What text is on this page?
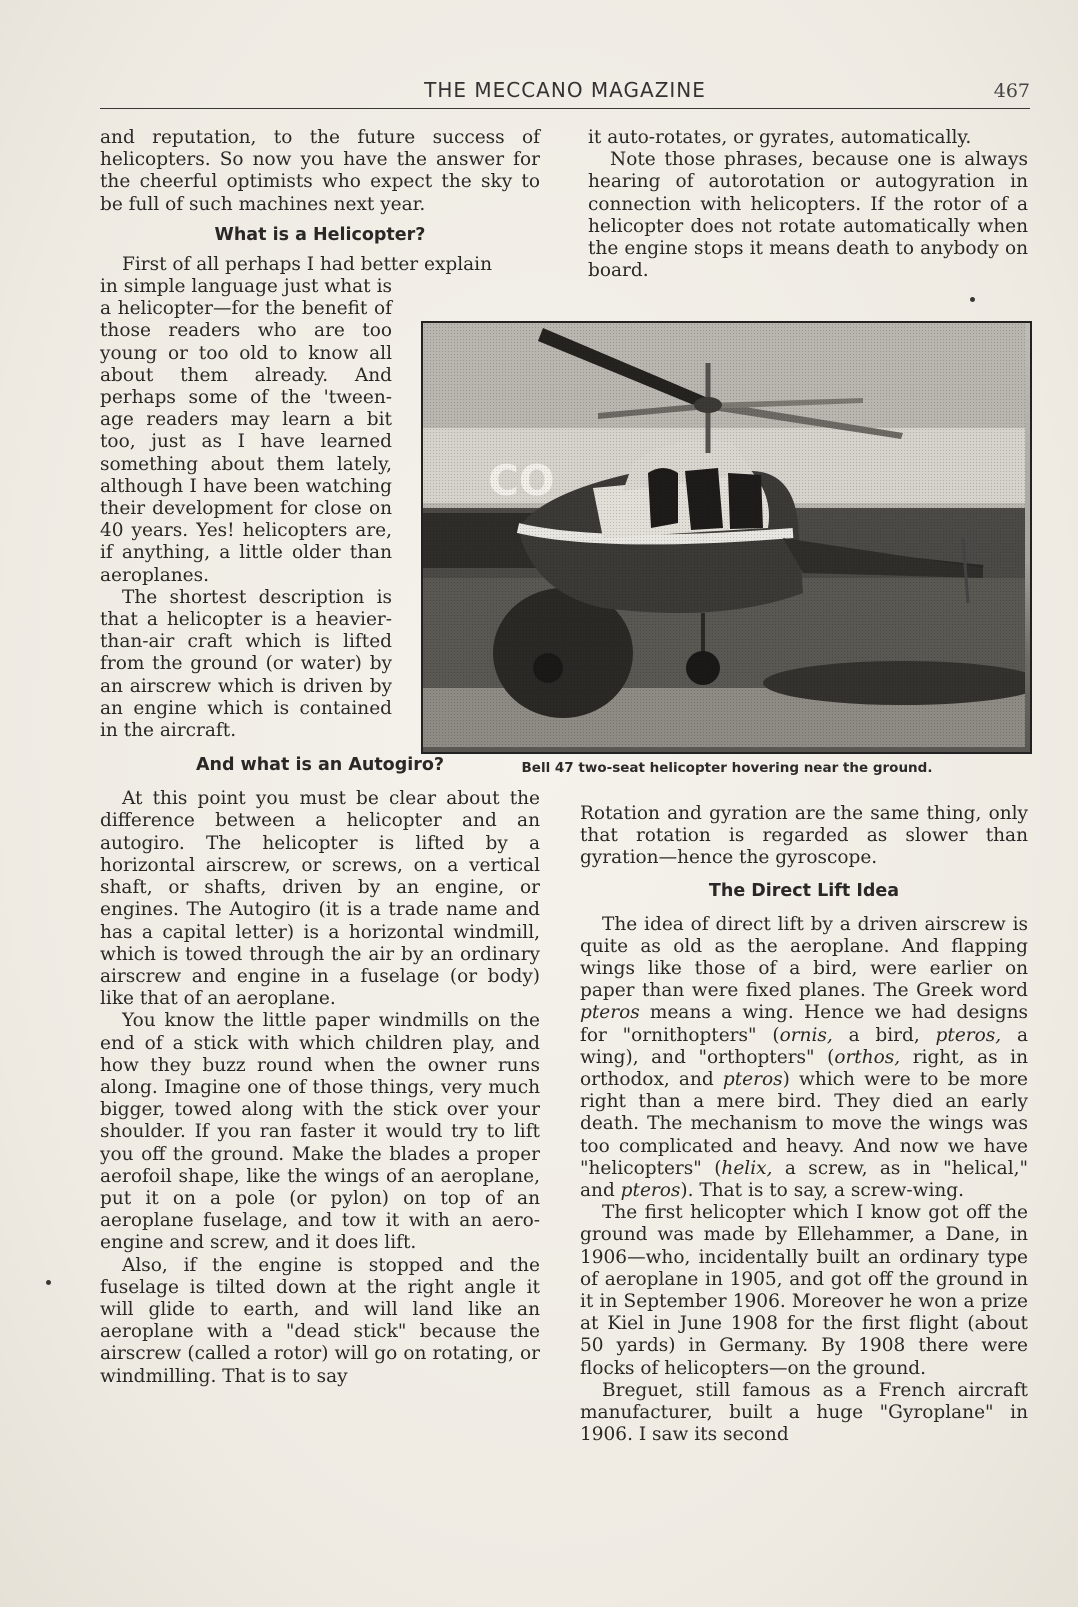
THE MECCANO MAGAZINE	467

and reputation, to the future success of helicopters. So now you have the answer for the cheerful optimists who expect the sky to be full of such machines next year.

What is a Helicopter?

First of all perhaps I had better explain

in simple language just what is a helicopter—for the benefit of those readers who are too young or too old to know all about them already. And perhaps some of the 'tween-age readers may learn a bit too, just as I have learned something about them lately, although I have been watching their development for close on 40 years. Yes! helicopters are, if anything, a little older than aeroplanes.

The shortest description is that a helicopter is a heavier-than-air craft which is lifted from the ground (or water) by an airscrew which is driven by an engine which is contained in the aircraft.

And what is an Autogiro?

At this point you must be clear about the difference between a helicopter and an autogiro. The helicopter is lifted by a horizontal airscrew, or screws, on a vertical shaft, or shafts, driven by an engine, or engines. The Autogiro (it is a trade name and has a capital letter) is a horizontal windmill, which is towed through the air by an ordinary airscrew and engine in a fuselage (or body) like that of an aeroplane.

You know the little paper windmills on the end of a stick with which children play, and how they buzz round when the owner runs along. Imagine one of those things, very much bigger, towed along with the stick over your shoulder. If you ran faster it would try to lift you off the ground. Make the blades a proper aerofoil shape, like the wings of an aeroplane, put it on a pole (or pylon) on top of an aeroplane fuselage, and tow it with an aero-engine and screw, and it does lift.

Also, if the engine is stopped and the fuselage is tilted down at the right angle it will glide to earth, and will land like an aeroplane with a "dead stick" because the airscrew (called a rotor) will go on rotating, or windmilling. That is to say

it auto-rotates, or gyrates, automatically.

Note those phrases, because one is always hearing of autorotation or autogyration in connection with helicopters. If the rotor of a helicopter does not rotate automatically when the engine stops it means death to anybody on board.

Bell 47 two-seat helicopter hovering near the ground.

Rotation and gyration are the same thing, only that rotation is regarded as slower than gyration—hence the gyroscope.

The Direct Lift Idea

The idea of direct lift by a driven airscrew is quite as old as the aeroplane. And flapping wings like those of a bird, were earlier on paper than were fixed planes. The Greek word pteros means a wing. Hence we had designs for "ornithopters" (ornis, a bird, pteros, a wing), and "orthopters" (orthos, right, as in orthodox, and pteros) which were to be more right than a mere bird. They died an early death. The mechanism to move the wings was too complicated and heavy. And now we have "helicopters" (helix, a screw, as in "helical," and pteros). That is to say, a screw-wing.

The first helicopter which I know got off the ground was made by Ellehammer, a Dane, in 1906—who, incidentally built an ordinary type of aeroplane in 1905, and got off the ground in it in September 1906. Moreover he won a prize at Kiel in June 1908 for the first flight (about 50 yards) in Germany. By 1908 there were flocks of helicopters—on the ground.

Breguet, still famous as a French aircraft manufacturer, built a huge "Gyroplane" in 1906. I saw its second
